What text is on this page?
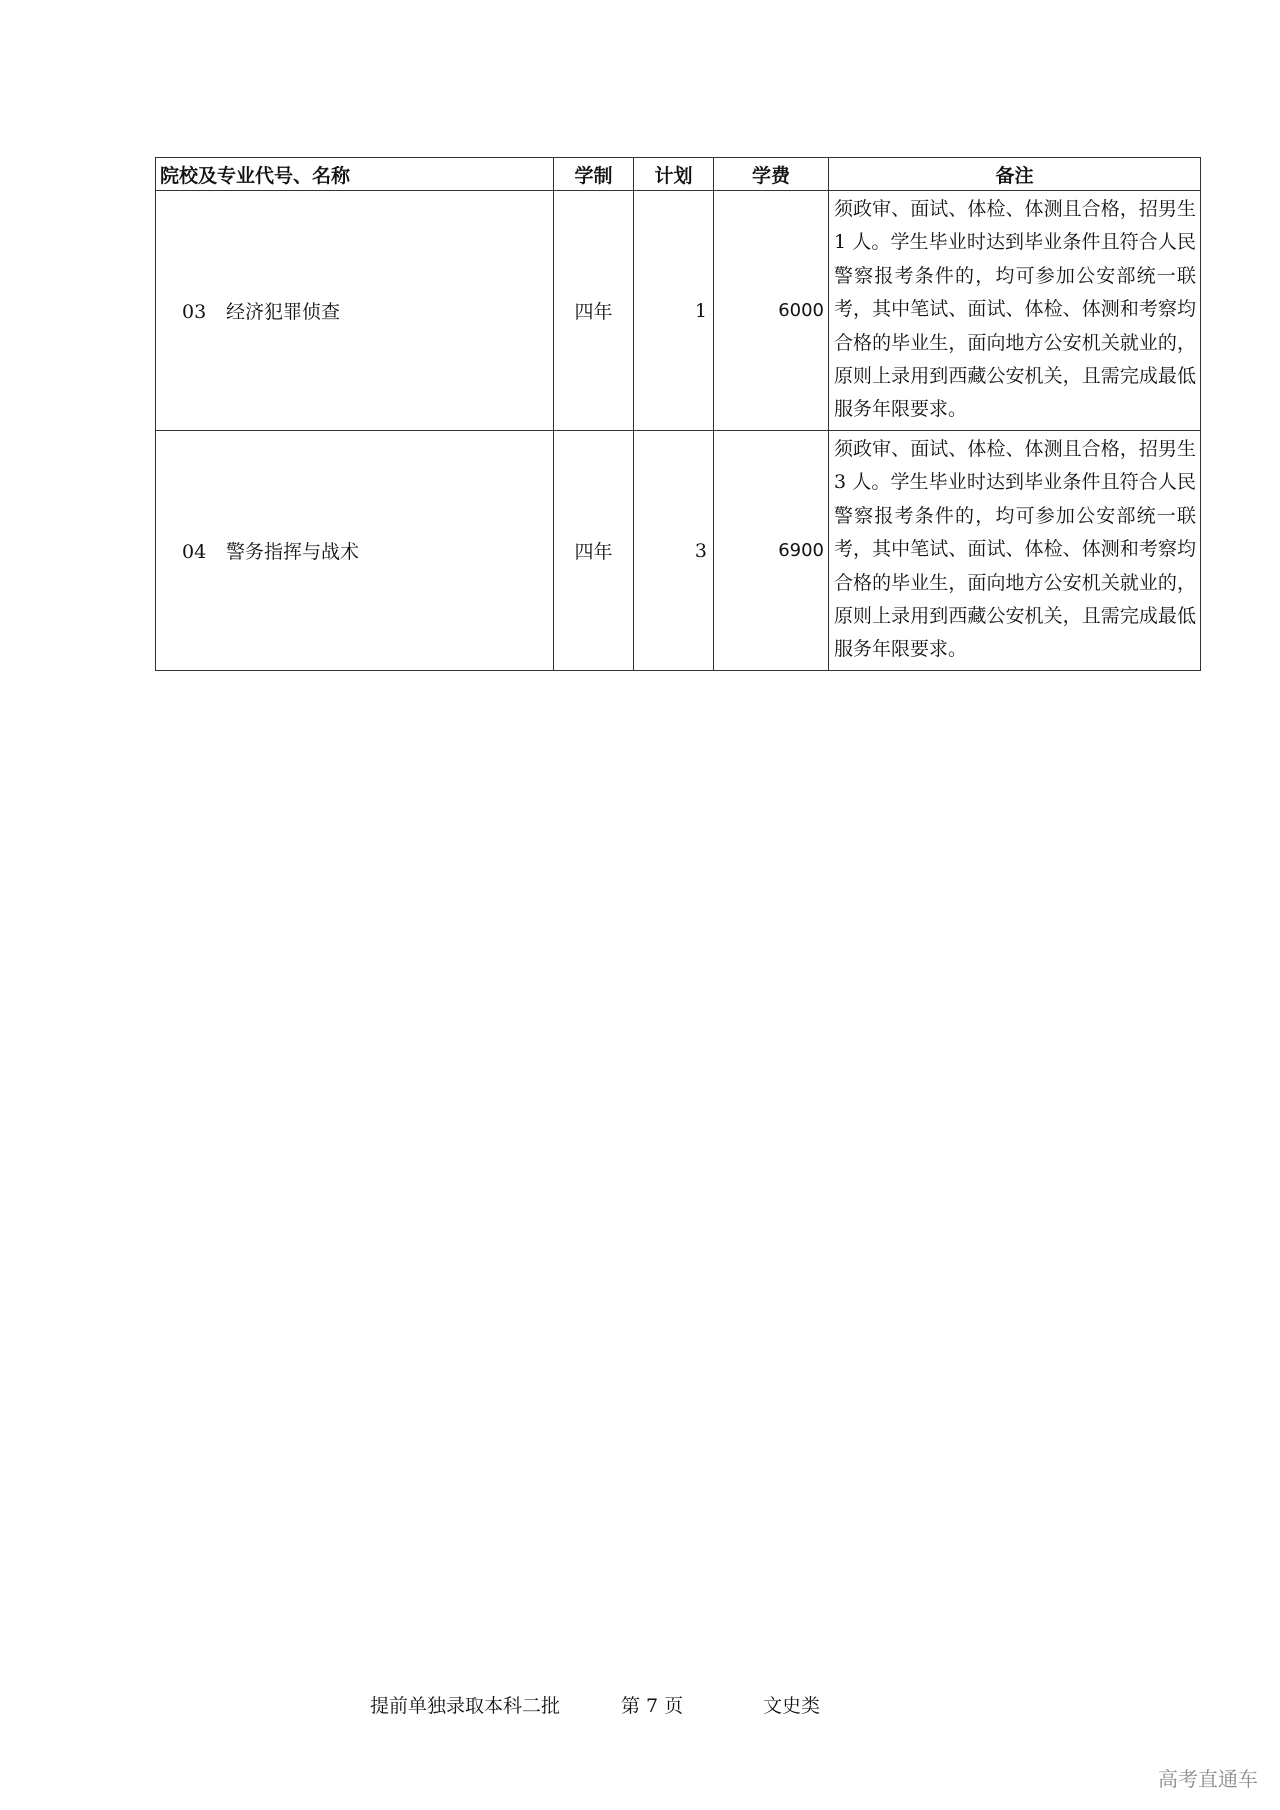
院校及专业代号、名称	学制	计划	学费	备注
03 经济犯罪侦查	四年	1	6000	须政审、面试、体检、体测且合格，招男生 1 人。学生毕业时达到毕业条件且符合人民警察报考条件的，均可参加公安部统一联考，其中笔试、面试、体检、体测和考察均合格的毕业生，面向地方公安机关就业的，原则上录用到西藏公安机关，且需完成最低服务年限要求。
04 警务指挥与战术	四年	3	6900	须政审、面试、体检、体测且合格，招男生 3 人。学生毕业时达到毕业条件且符合人民警察报考条件的，均可参加公安部统一联考，其中笔试、面试、体检、体测和考察均合格的毕业生，面向地方公安机关就业的，原则上录用到西藏公安机关，且需完成最低服务年限要求。
提前单独录取本科二批	第 7 页	文史类
高考直通车
